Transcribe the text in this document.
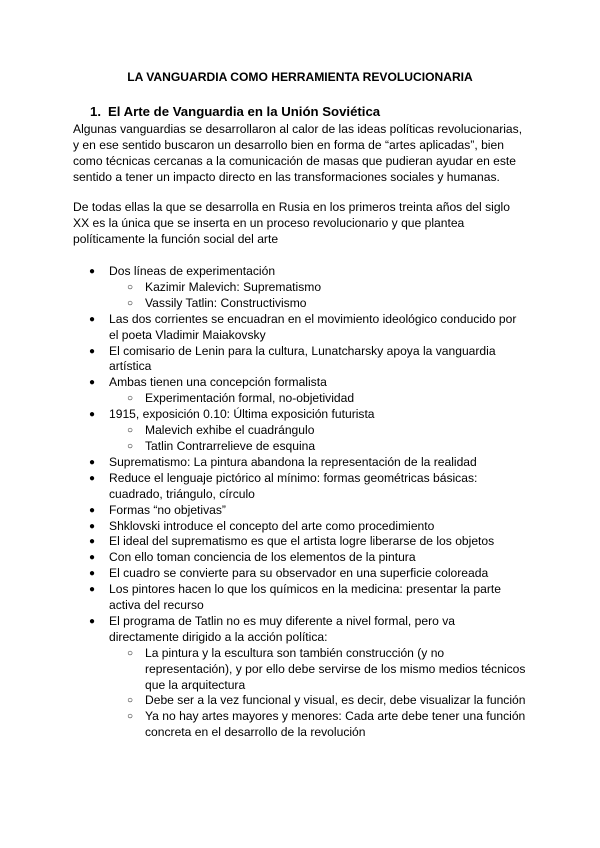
LA VANGUARDIA COMO HERRAMIENTA REVOLUCIONARIA
1. El Arte de Vanguardia en la Unión Soviética
Algunas vanguardias se desarrollaron al calor de las ideas políticas revolucionarias,
y en ese sentido buscaron un desarrollo bien en forma de “artes aplicadas”, bien
como técnicas cercanas a la comunicación de masas que pudieran ayudar en este
sentido a tener un impacto directo en las transformaciones sociales y humanas.
De todas ellas la que se desarrolla en Rusia en los primeros treinta años del siglo
XX es la única que se inserta en un proceso revolucionario y que plantea
políticamente la función social del arte
● Dos líneas de experimentación
○ Kazimir Malevich: Suprematismo
○ Vassily Tatlin: Constructivismo
● Las dos corrientes se encuadran en el movimiento ideológico conducido por
el poeta Vladimir Maiakovsky
● El comisario de Lenin para la cultura, Lunatcharsky apoya la vanguardia
artística
● Ambas tienen una concepción formalista
○ Experimentación formal, no-objetividad
● 1915, exposición 0.10: Última exposición futurista
○ Malevich exhibe el cuadrángulo
○ Tatlin Contrarrelieve de esquina
● Suprematismo: La pintura abandona la representación de la realidad
● Reduce el lenguaje pictórico al mínimo: formas geométricas básicas:
cuadrado, triángulo, círculo
● Formas “no objetivas”
● Shklovski introduce el concepto del arte como procedimiento
● El ideal del suprematismo es que el artista logre liberarse de los objetos
● Con ello toman conciencia de los elementos de la pintura
● El cuadro se convierte para su observador en una superficie coloreada
● Los pintores hacen lo que los químicos en la medicina: presentar la parte
activa del recurso
● El programa de Tatlin no es muy diferente a nivel formal, pero va
directamente dirigido a la acción política:
○ La pintura y la escultura son también construcción (y no
representación), y por ello debe servirse de los mismo medios técnicos
que la arquitectura
○ Debe ser a la vez funcional y visual, es decir, debe visualizar la función
○ Ya no hay artes mayores y menores: Cada arte debe tener una función
concreta en el desarrollo de la revolución
